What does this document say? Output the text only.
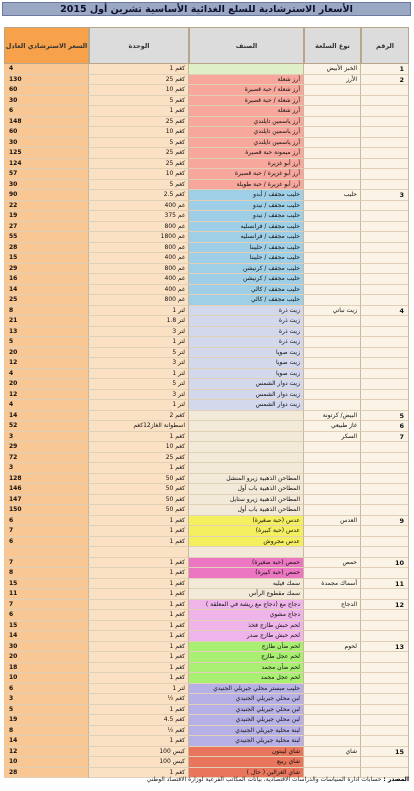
الأسعار الاسترشادية للسلع الغذائية الأساسية تشرين أول 2015
الرقم
نوع السلعة
الصنف
الوحدة
السعر الاسترشادي العادل
1
الخبز الأبيض
1 كغم
4
2
الأرز
أرز شعلة
25 كغم
130
أرز شعلة / حبة قصيرة
10 كغم
60
أرز شعلة / حبة قصيرة
5 كغم
30
أرز شعلة
1 كغم
6
أرز ياسمين تايلندي
25 كغم
148
أرز ياسمين تايلندي
10 كغم
60
أرز ياسمين تايلندي
5 كغم
30
أرز ميمونة حبة قصيرة
25 كغم
125
أرز أبو غزيرة
25 كغم
124
أرز أبو غزيرة / حبة قصيرة
10 كغم
57
أرز أبو غزيرة / حبة طويلة
5 كغم
30
3
حليب
حليب مجفف / أبدو
2.5 كغم
90
حليب مجفف / نيدو
400 غم
22
حليب مجفف / نيدو
375 غم
19
حليب مجفف / فرانسليه
800 غم
27
حليب مجفف / فرانسليه
1800 غم
55
حليب مجفف / حليبنا
800 غم
28
حليب مجفف / حليبنا
400 غم
15
حليب مجفف / كرنيشن
800 غم
29
حليب مجفف / كرنيشن
400 غم
16
حليب مجفف / كالي
400 غم
14
حليب مجفف / كالي
800 غم
25
4
زيت نباتي
زيت ذرة
1 لتر
8
زيت ذرة
1.8 لتر
21
زيت ذرة
3 لتر
13
زيت ذرة
1 لتر
5
زيت صويا
5 لتر
20
زيت صويا
3 لتر
12
زيت صويا
1 لتر
4
زيت دوار الشمس
5 لتر
20
زيت دوار الشمس
3 لتر
12
زيت دوار الشمس
1 لتر
4
5
البيض/ كرتونة
2 كغم
14
6
غاز طبيعي
اسطوانة الغاز12كغم
52
7
السكر
1 كغم
3
10 كغم
29
25 كغم
72
1 كغم
3
المطاحن الذهبية زيرو المنشل
50 كغم
128
المطاحن الذهبية باب أول
50 كغم
146
المطاحن الذهبية زيرو ستايل
50 كغم
147
المطاحن الذهبية باب أول
50 كغم
150
9
العدس
عدس (حبة صغيرة)
1 كغم
6
عدس (حبة كبيرة)
1 كغم
7
عدس مجروش
1 كغم
6
10
حمص
حمص (حبة صغيرة)
1 كغم
7
حمص (حبة كبيرة)
1 كغم
8
11
أسماك مجمدة
سمك فيليه
1 كغم
15
سمك مقطوع الرأس
1 كغم
11
12
الدجاج
دجاج مع (دجاج مع ريشة في المعلقة )
1 كغم
7
دجاج مشوي
1 كغم
6
لحم حبش طازج فخذ
1 كغم
15
لحم حبش طازج صدر
1 كغم
14
13
لحوم
لحم ضأن طازج
1 كغم
30
لحم عجل طازج
1 كغم
20
لحم ضأن مجمد
1 كغم
18
لحم عجل مجمد
1 كغم
10
حليب مبستر محلي جيريلي الجنيدي
1 لتر
6
لبن محلي جيريلي الجنيدي
½ كغم
3
لبن محلي جيريلي الجنيدي
1 كغم
5
لبن محلي جيريلي الجنيدي
4.5 كغم
19
لبنة محلية جيريلي الجنيدي
½ كغم
8
لبنة محلية جيريلي الجنيدي
1 كغم
14
15
شاي
شاي ليبتون
100 كيس
12
شاي ربيع
100 كيس
10
شاي الغزالين ( حال )
1 كغم
28
المصدر : حسابات ادارة السياسات والدراسات الاقتصادية، بيانات المكاتب الفرعية لوزارة الاقتصاد الوطني
